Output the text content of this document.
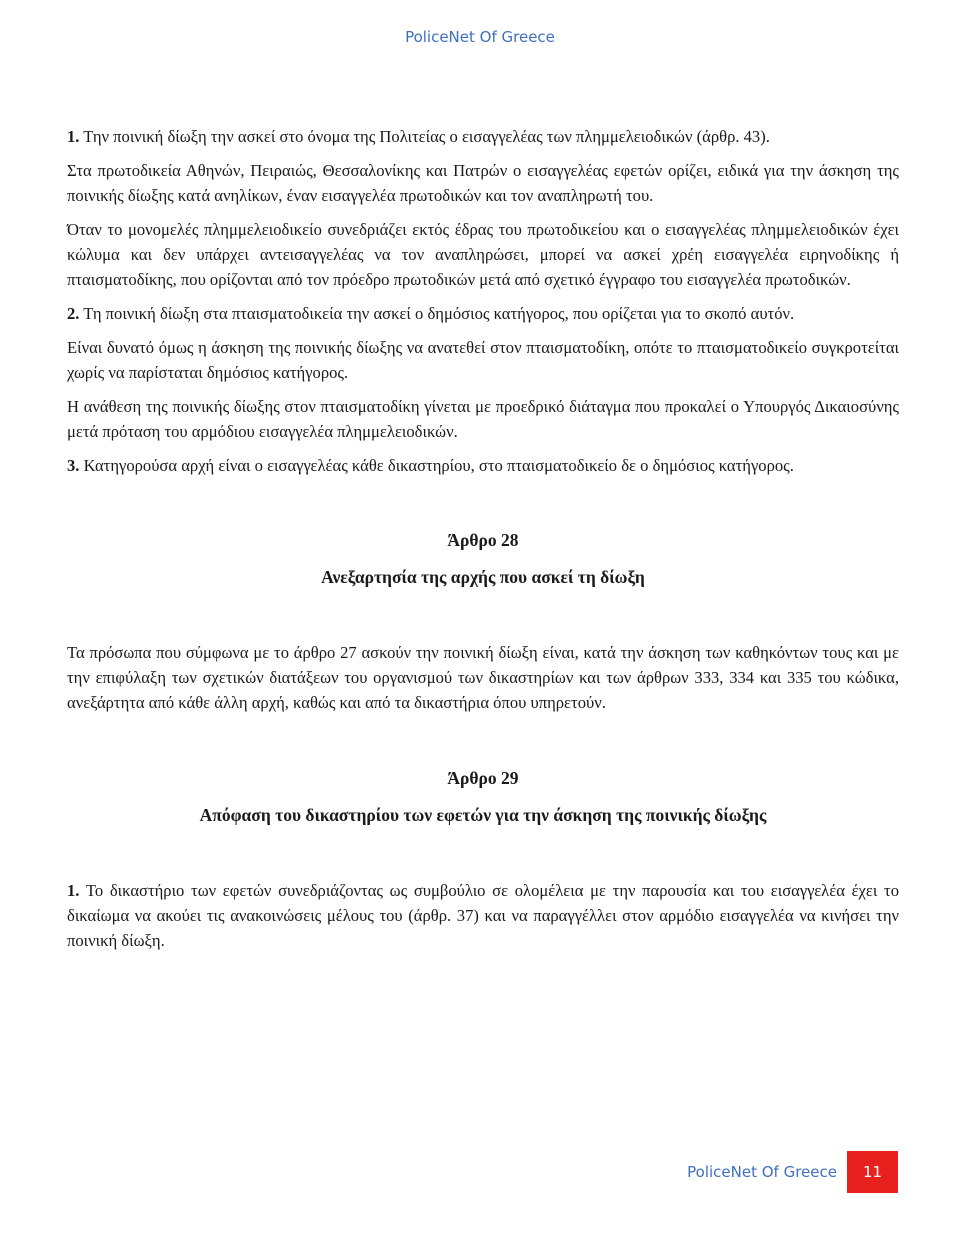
PoliceNet Of Greece

1. Την ποινική δίωξη την ασκεί στο όνομα της Πολιτείας ο εισαγγελέας των πλημμελειοδικών (άρθρ. 43).

Στα πρωτοδικεία Αθηνών, Πειραιώς, Θεσσαλονίκης και Πατρών ο εισαγγελέας εφετών ορίζει, ειδικά για την άσκηση της ποινικής δίωξης κατά ανηλίκων, έναν εισαγγελέα πρωτοδικών και τον αναπληρωτή του.

Όταν το μονομελές πλημμελειοδικείο συνεδριάζει εκτός έδρας του πρωτοδικείου και ο εισαγγελέας πλημμελειοδικών έχει κώλυμα και δεν υπάρχει αντεισαγγελέας να τον αναπληρώσει, μπορεί να ασκεί χρέη εισαγγελέα ειρηνοδίκης ή πταισματοδίκης, που ορίζονται από τον πρόεδρο πρωτοδικών μετά από σχετικό έγγραφο του εισαγγελέα πρωτοδικών.

2. Τη ποινική δίωξη στα πταισματοδικεία την ασκεί ο δημόσιος κατήγορος, που ορίζεται για το σκοπό αυτόν.

Είναι δυνατό όμως η άσκηση της ποινικής δίωξης να ανατεθεί στον πταισματοδίκη, οπότε το πταισματοδικείο συγκροτείται χωρίς να παρίσταται δημόσιος κατήγορος.

Η ανάθεση της ποινικής δίωξης στον πταισματοδίκη γίνεται με προεδρικό διάταγμα που προκαλεί ο Υπουργός Δικαιοσύνης μετά πρόταση του αρμόδιου εισαγγελέα πλημμελειοδικών.

3. Κατηγορούσα αρχή είναι ο εισαγγελέας κάθε δικαστηρίου, στο πταισματοδικείο δε ο δημόσιος κατήγορος.

Άρθρο 28

Ανεξαρτησία της αρχής που ασκεί τη δίωξη

Τα πρόσωπα που σύμφωνα με το άρθρο 27 ασκούν την ποινική δίωξη είναι, κατά την άσκηση των καθηκόντων τους και με την επιφύλαξη των σχετικών διατάξεων του οργανισμού των δικαστηρίων και των άρθρων 333, 334 και 335 του κώδικα, ανεξάρτητα από κάθε άλλη αρχή, καθώς και από τα δικαστήρια όπου υπηρετούν.

Άρθρο 29

Απόφαση του δικαστηρίου των εφετών για την άσκηση της ποινικής δίωξης

1. Το δικαστήριο των εφετών συνεδριάζοντας ως συμβούλιο σε ολομέλεια με την παρουσία και του εισαγγελέα έχει το δικαίωμα να ακούει τις ανακοινώσεις μέλους του (άρθρ. 37) και να παραγγέλλει στον αρμόδιο εισαγγελέα να κινήσει την ποινική δίωξη.

PoliceNet Of Greece	11
